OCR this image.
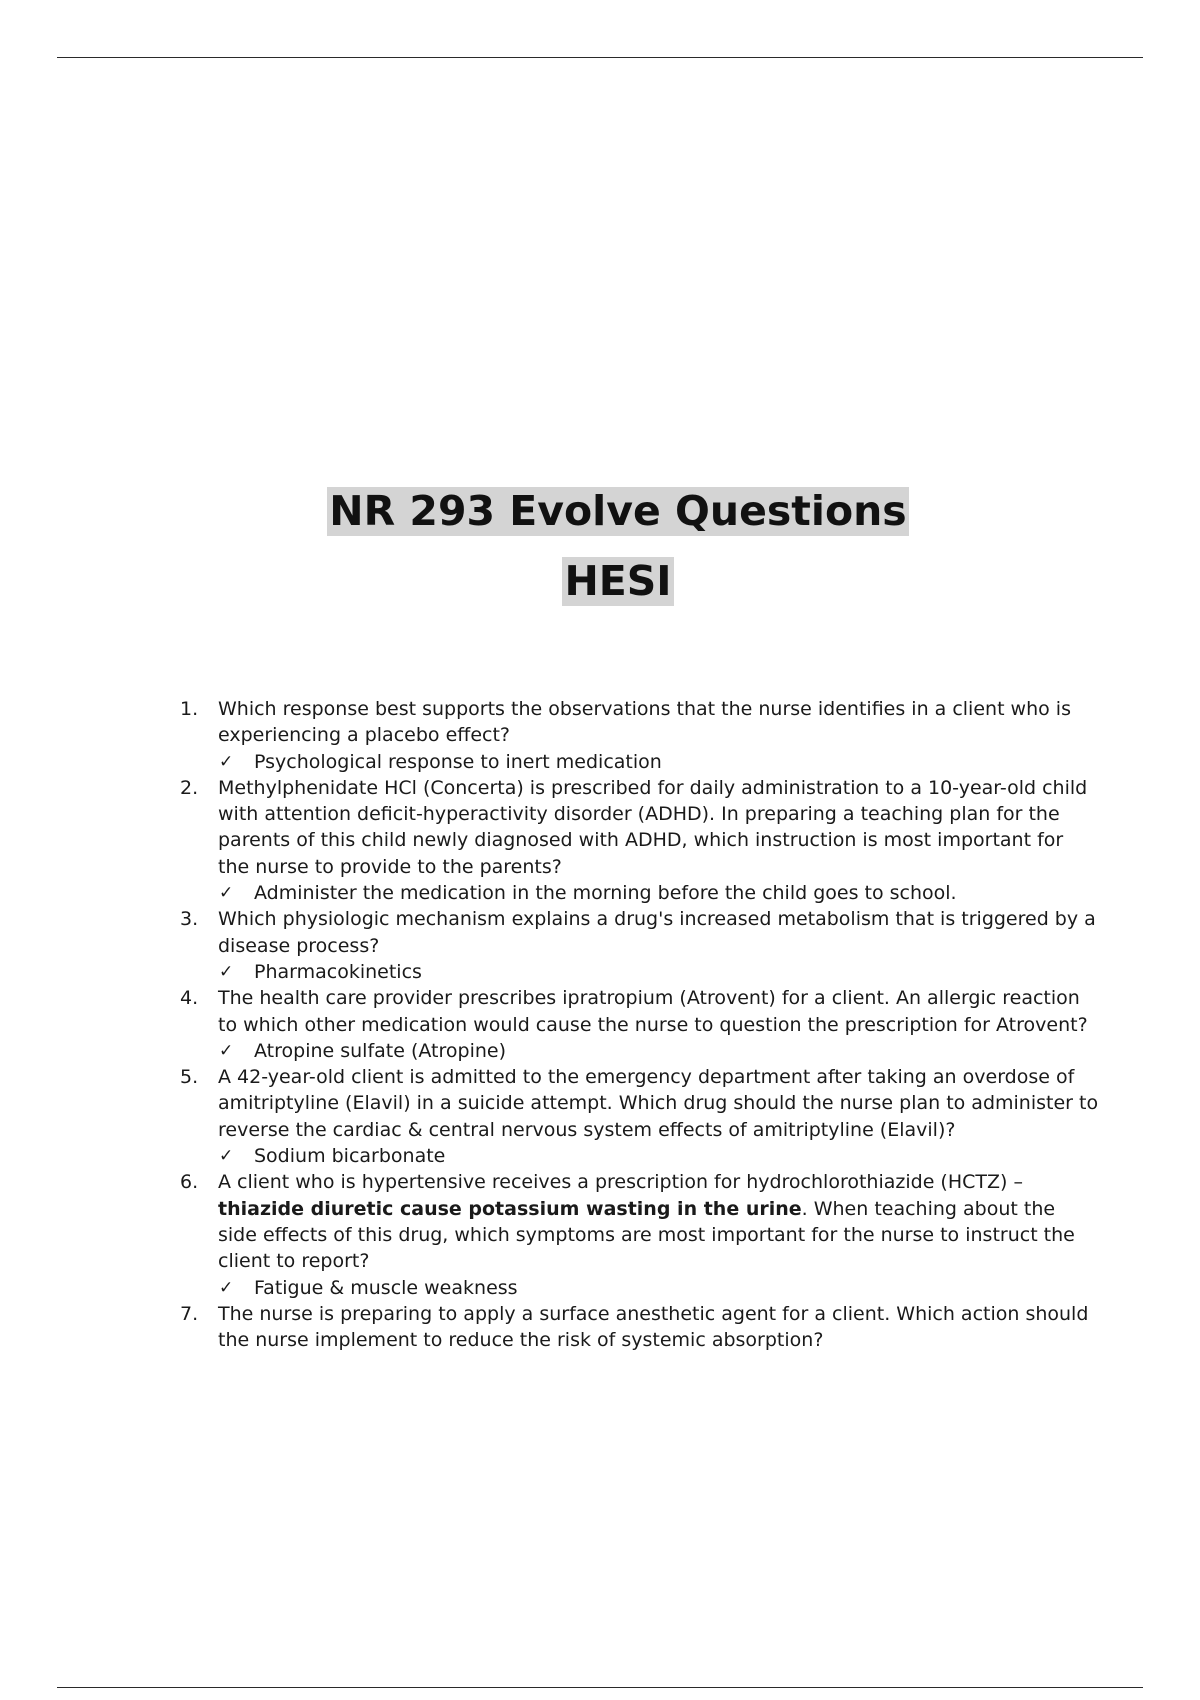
NR 293 Evolve Questions
HESI
1. Which response best supports the observations that the nurse identifies in a client who is experiencing a placebo effect?
✓ Psychological response to inert medication
2. Methylphenidate HCl (Concerta) is prescribed for daily administration to a 10-year-old child with attention deficit-hyperactivity disorder (ADHD). In preparing a teaching plan for the parents of this child newly diagnosed with ADHD, which instruction is most important for the nurse to provide to the parents?
✓ Administer the medication in the morning before the child goes to school.
3. Which physiologic mechanism explains a drug's increased metabolism that is triggered by a disease process?
✓ Pharmacokinetics
4. The health care provider prescribes ipratropium (Atrovent) for a client. An allergic reaction to which other medication would cause the nurse to question the prescription for Atrovent?
✓ Atropine sulfate (Atropine)
5. A 42-year-old client is admitted to the emergency department after taking an overdose of amitriptyline (Elavil) in a suicide attempt. Which drug should the nurse plan to administer to reverse the cardiac & central nervous system effects of amitriptyline (Elavil)?
✓ Sodium bicarbonate
6. A client who is hypertensive receives a prescription for hydrochlorothiazide (HCTZ) – thiazide diuretic cause potassium wasting in the urine. When teaching about the side effects of this drug, which symptoms are most important for the nurse to instruct the client to report?
✓ Fatigue & muscle weakness
7. The nurse is preparing to apply a surface anesthetic agent for a client. Which action should the nurse implement to reduce the risk of systemic absorption?
